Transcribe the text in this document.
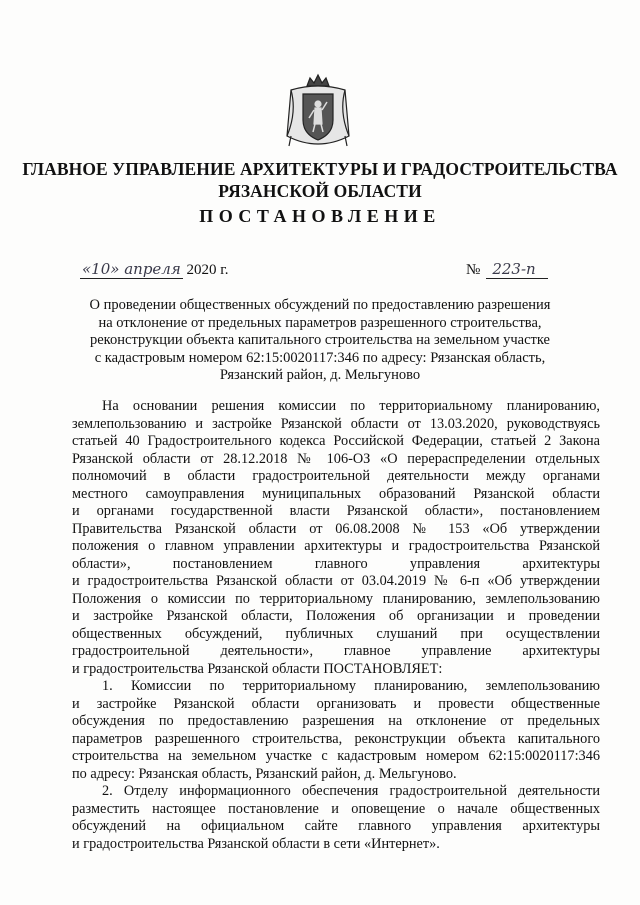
ГЛАВНОЕ УПРАВЛЕНИЕ АРХИТЕКТУРЫ И ГРАДОСТРОИТЕЛЬСТВА
РЯЗАНСКОЙ ОБЛАСТИ
ПОСТАНОВЛЕНИЕ
«10» апреля 2020 г.	№ 223-п
О проведении общественных обсуждений по предоставлению разрешения
на отклонение от предельных параметров разрешенного строительства,
реконструкции объекта капитального строительства на земельном участке
с кадастровым номером 62:15:0020117:346 по адресу: Рязанская область,
Рязанский район, д. Мельгуново
На основании решения комиссии по территориальному планированию,
землепользованию и застройке Рязанской области от 13.03.2020, руководствуясь
статьей 40 Градостроительного кодекса Российской Федерации, статьей 2 Закона
Рязанской области от 28.12.2018 № 106-ОЗ «О перераспределении отдельных
полномочий в области градостроительной деятельности между органами
местного самоуправления муниципальных образований Рязанской области
и органами государственной власти Рязанской области», постановлением
Правительства Рязанской области от 06.08.2008 № 153 «Об утверждении
положения о главном управлении архитектуры и градостроительства Рязанской
области», постановлением главного управления архитектуры
и градостроительства Рязанской области от 03.04.2019 № 6-п «Об утверждении
Положения о комиссии по территориальному планированию, землепользованию
и застройке Рязанской области, Положения об организации и проведении
общественных обсуждений, публичных слушаний при осуществлении
градостроительной деятельности», главное управление архитектуры
и градостроительства Рязанской области ПОСТАНОВЛЯЕТ:
1. Комиссии по территориальному планированию, землепользованию
и застройке Рязанской области организовать и провести общественные
обсуждения по предоставлению разрешения на отклонение от предельных
параметров разрешенного строительства, реконструкции объекта капитального
строительства на земельном участке с кадастровым номером 62:15:0020117:346
по адресу: Рязанская область, Рязанский район, д. Мельгуново.
2. Отделу информационного обеспечения градостроительной деятельности
разместить настоящее постановление и оповещение о начале общественных
обсуждений на официальном сайте главного управления архитектуры
и градостроительства Рязанской области в сети «Интернет».
